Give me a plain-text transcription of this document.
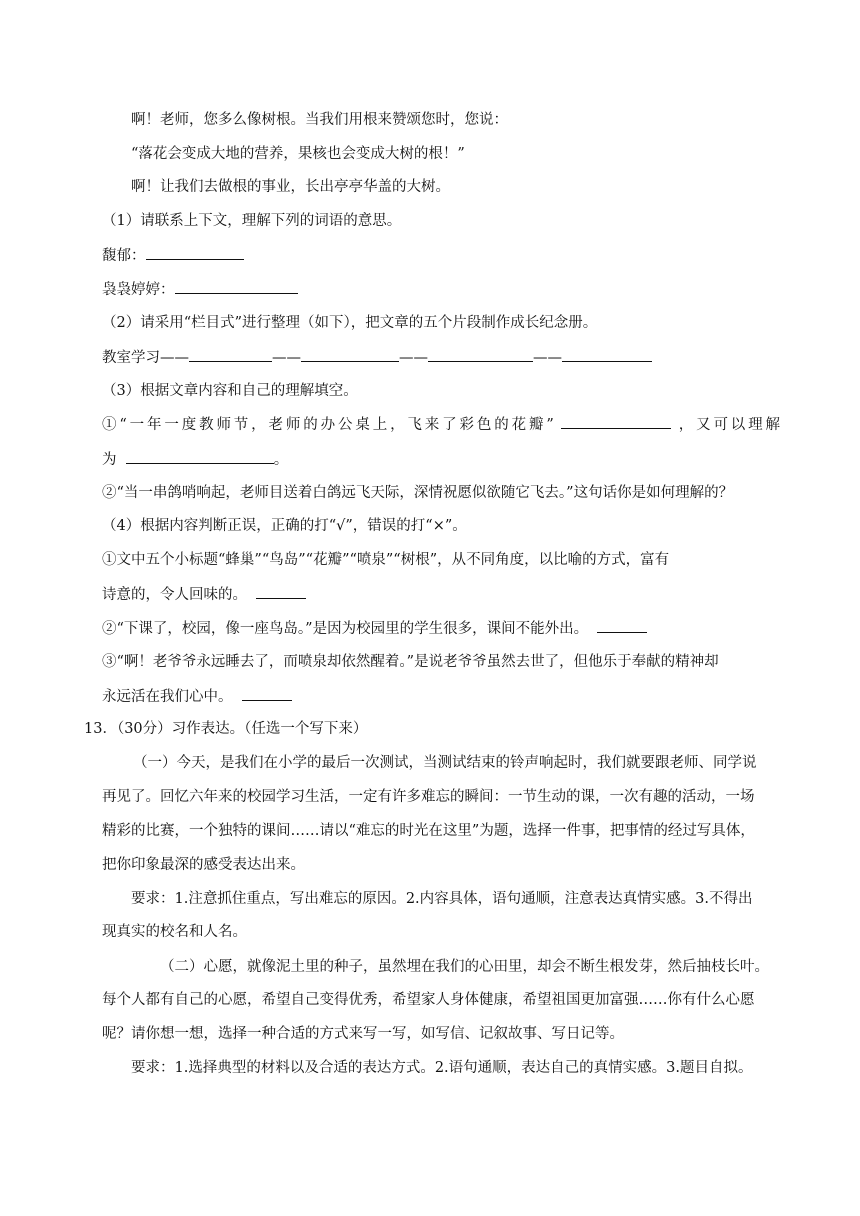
啊！老师，您多么像树根。当我们用根来赞颂您时，您说：
“落花会变成大地的营养，果核也会变成大树的根！”
啊！让我们去做根的事业，长出亭亭华盖的大树。
（1）请联系上下文，理解下列的词语的意思。
馥郁：
袅袅婷婷：
（2）请采用“栏目式”进行整理（如下），把文章的五个片段制作成长纪念册。
教室学习——	——	——	——
（3）根据文章内容和自己的理解填空。
①“一年一度教师节，老师的办公桌上，飞来了彩色的花瓣”	，又可以理解
为	。
②“当一串鸽哨响起，老师目送着白鸽远飞天际，深情祝愿似欲随它飞去。”这句话你是如何理解的？
（4）根据内容判断正误，正确的打“√”，错误的打“×”。
①文中五个小标题“蜂巢”“鸟岛”“花瓣”“喷泉”“树根”，从不同角度，以比喻的方式，富有
诗意的，令人回味的。
②“下课了，校园，像一座鸟岛。”是因为校园里的学生很多，课间不能外出。
③“啊！老爷爷永远睡去了，而喷泉却依然醒着。”是说老爷爷虽然去世了，但他乐于奉献的精神却
永远活在我们心中。
13．（30分）习作表达。（任选一个写下来）
（一）今天，是我们在小学的最后一次测试，当测试结束的铃声响起时，我们就要跟老师、同学说
再见了。回忆六年来的校园学习生活，一定有许多难忘的瞬间：一节生动的课，一次有趣的活动，一场
精彩的比赛，一个独特的课间……请以“难忘的时光在这里”为题，选择一件事，把事情的经过写具体，
把你印象最深的感受表达出来。
要求：1.注意抓住重点，写出难忘的原因。2.内容具体，语句通顺，注意表达真情实感。3.不得出
现真实的校名和人名。
（二）心愿，就像泥土里的种子，虽然埋在我们的心田里，却会不断生根发芽，然后抽枝长叶。
每个人都有自己的心愿，希望自己变得优秀，希望家人身体健康，希望祖国更加富强……你有什么心愿
呢？请你想一想，选择一种合适的方式来写一写，如写信、记叙故事、写日记等。
要求：1.选择典型的材料以及合适的表达方式。2.语句通顺，表达自己的真情实感。3.题目自拟。
